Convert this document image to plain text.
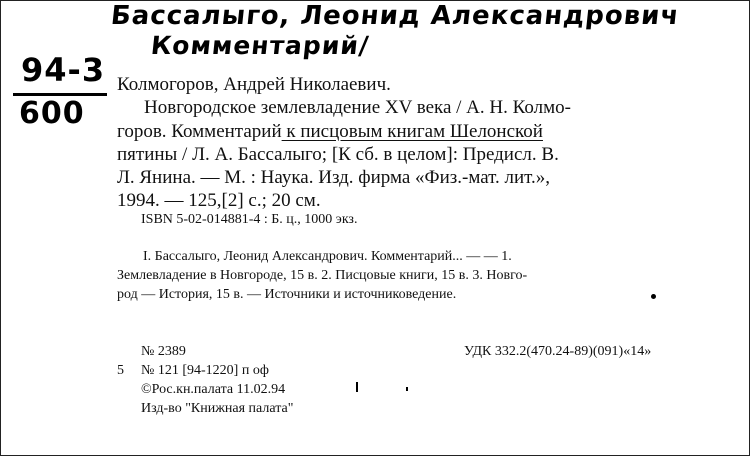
Бассалыго, Леонид Александрович
Комментарий/
94-3
600
Колмогоров, Андрей Николаевич.
Новгородское землевладение XV века / А. Н. Колмо-
горов. Комментарий к писцовым книгам Шелонской
пятины / Л. А. Бассалыго; [К сб. в целом]: Предисл. В.
Л. Янина. — М. : Наука. Изд. фирма «Физ.-мат. лит.»,
1994. — 125,[2] с.; 20 см.
ISBN 5-02-014881-4 : Б. ц., 1000 экз.
I. Бассалыго, Леонид Александрович. Комментарий... — — 1.
Землевладение в Новгороде, 15 в. 2. Писцовые книги, 15 в. 3. Новго-
род — История, 15 в. — Источники и источниковедение.
№ 2389	УДК 332.2(470.24-89)(091)«14»
5 № 121 [94-1220] п оф
©Рос.кн.палата 11.02.94
Изд-во "Книжная палата"
